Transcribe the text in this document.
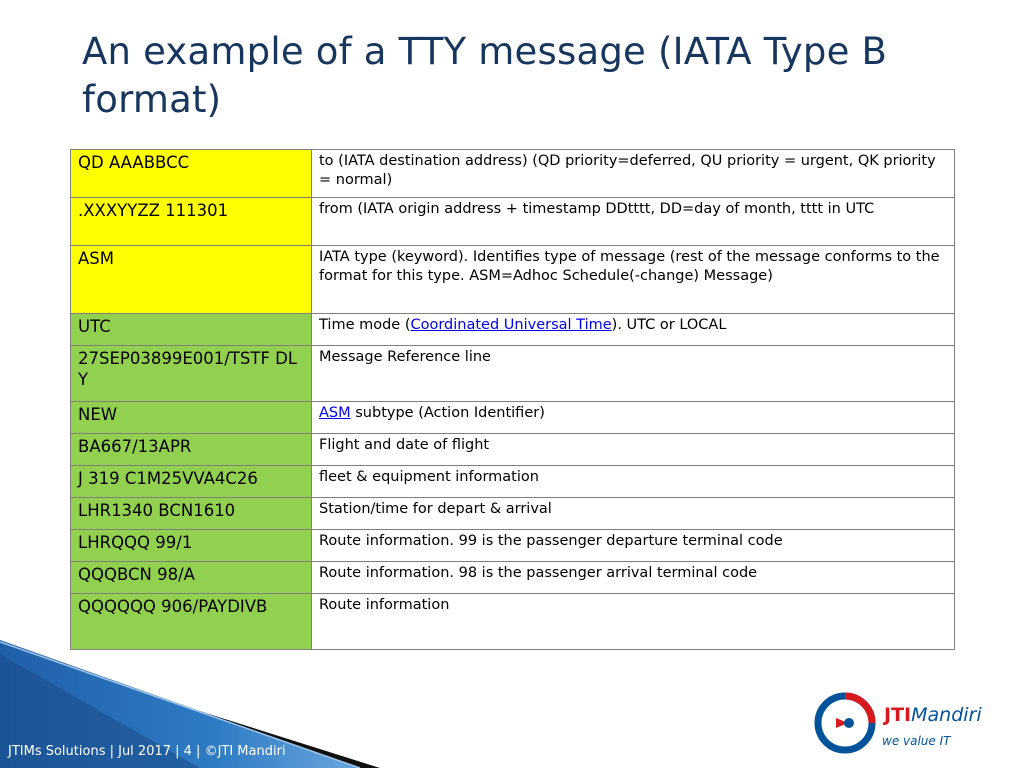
An example of a TTY message (IATA Type B format)
QD AAABBCC	to (IATA destination address) (QD priority=deferred, QU priority = urgent, QK priority = normal)
.XXXYYZZ 111301	from (IATA origin address + timestamp DDtttt, DD=day of month, tttt in UTC
ASM	IATA type (keyword). Identifies type of message (rest of the message conforms to the format for this type. ASM=Adhoc Schedule(-change) Message)
UTC	Time mode (Coordinated Universal Time). UTC or LOCAL
27SEP03899E001/TSTF DL Y	Message Reference line
NEW	ASM subtype (Action Identifier)
BA667/13APR	Flight and date of flight
J 319 C1M25VVA4C26	fleet & equipment information
LHR1340 BCN1610	Station/time for depart & arrival
LHRQQQ 99/1	Route information. 99 is the passenger departure terminal code
QQQBCN 98/A	Route information. 98 is the passenger arrival terminal code
QQQQQQ 906/PAYDIVB	Route information
JTIMs Solutions | Jul 2017 | 4 | ©JTI Mandiri
JTIMandiri
we value IT
